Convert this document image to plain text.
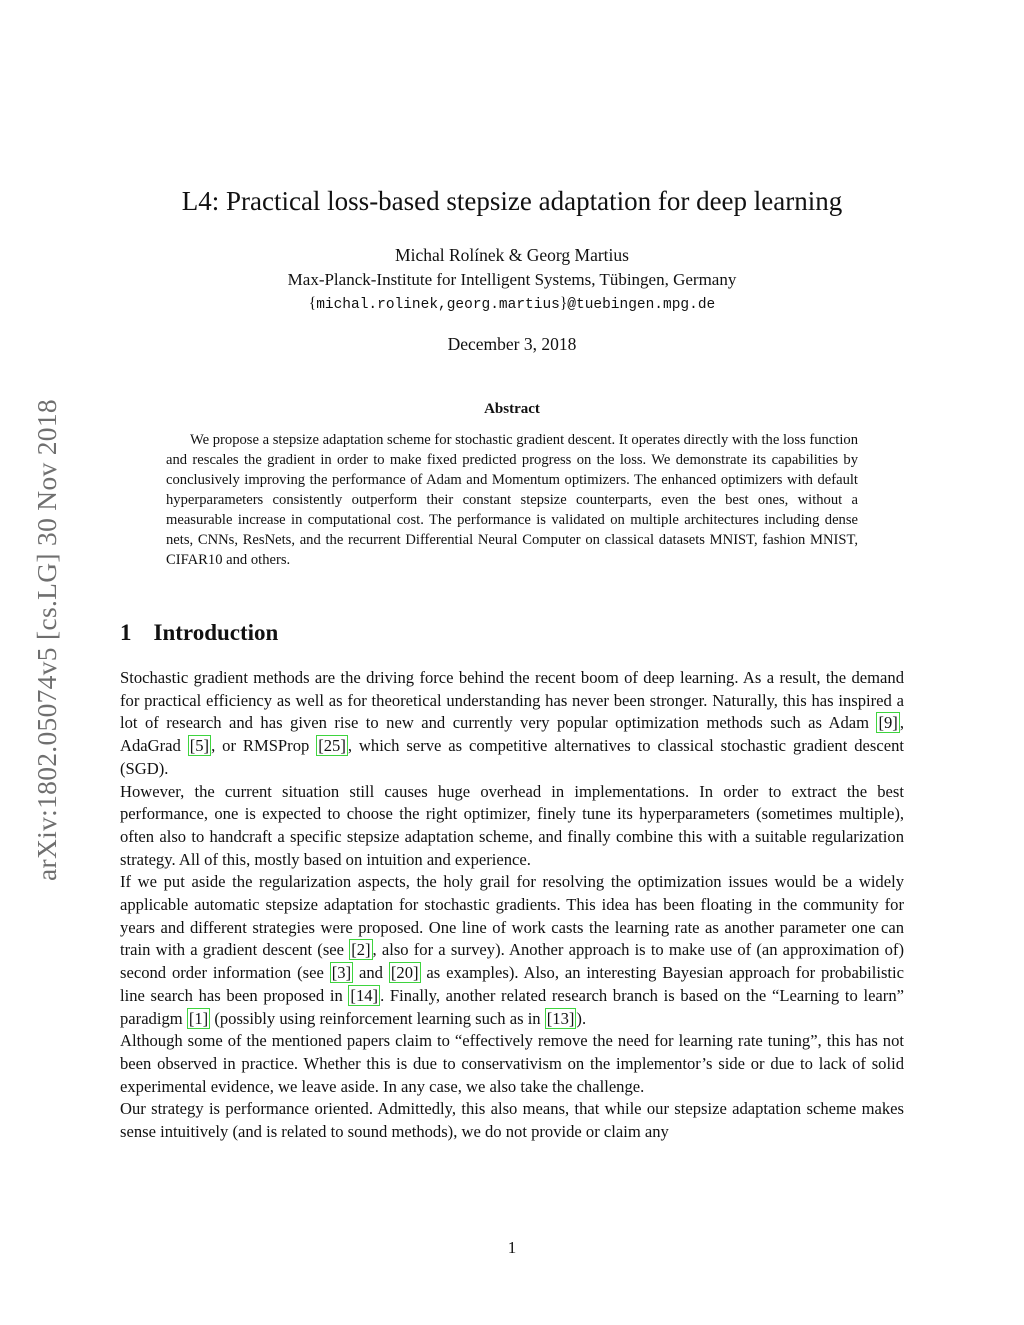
arXiv:1802.05074v5 [cs.LG] 30 Nov 2018
L4: Practical loss-based stepsize adaptation for deep learning
Michal Rolínek & Georg Martius
Max-Planck-Institute for Intelligent Systems, Tübingen, Germany
{michal.rolinek,georg.martius}@tuebingen.mpg.de
December 3, 2018
Abstract

We propose a stepsize adaptation scheme for stochastic gradient descent. It operates directly with the loss function and rescales the gradient in order to make fixed predicted progress on the loss. We demonstrate its capabilities by conclusively improving the performance of Adam and Momentum optimizers. The enhanced optimizers with default hyperparameters consistently outperform their constant stepsize counterparts, even the best ones, without a measurable increase in computational cost. The performance is validated on multiple architectures including dense nets, CNNs, ResNets, and the recurrent Differential Neural Computer on classical datasets MNIST, fashion MNIST, CIFAR10 and others.

1 Introduction

Stochastic gradient methods are the driving force behind the recent boom of deep learning. As a result, the demand for practical efficiency as well as for theoretical understanding has never been stronger. Naturally, this has inspired a lot of research and has given rise to new and currently very popular optimization methods such as Adam [9] , AdaGrad [5] , or RMSProp [25] , which serve as competitive alternatives to classical stochastic gradient descent (SGD).

However, the current situation still causes huge overhead in implementations. In order to extract the best performance, one is expected to choose the right optimizer, finely tune its hyperparameters (sometimes multiple), often also to handcraft a specific stepsize adaptation scheme, and finally combine this with a suitable regularization strategy. All of this, mostly based on intuition and experience.

If we put aside the regularization aspects, the holy grail for resolving the optimization issues would be a widely applicable automatic stepsize adaptation for stochastic gradients. This idea has been floating in the community for years and different strategies were proposed. One line of work casts the learning rate as another parameter one can train with a gradient descent (see [2] , also for a survey). Another approach is to make use of (an approximation of) second order information (see [3] and [20] as examples). Also, an interesting Bayesian approach for probabilistic line search has been proposed in [14] . Finally, another related research branch is based on the “Learning to learn” paradigm [1] (possibly using reinforcement learning such as in [13] ).

Although some of the mentioned papers claim to “effectively remove the need for learning rate tuning”, this has not been observed in practice. Whether this is due to conservativism on the implementor’s side or due to lack of solid experimental evidence, we leave aside. In any case, we also take the challenge.

Our strategy is performance oriented. Admittedly, this also means, that while our stepsize adaptation scheme makes sense intuitively (and is related to sound methods), we do not provide or claim any

1
